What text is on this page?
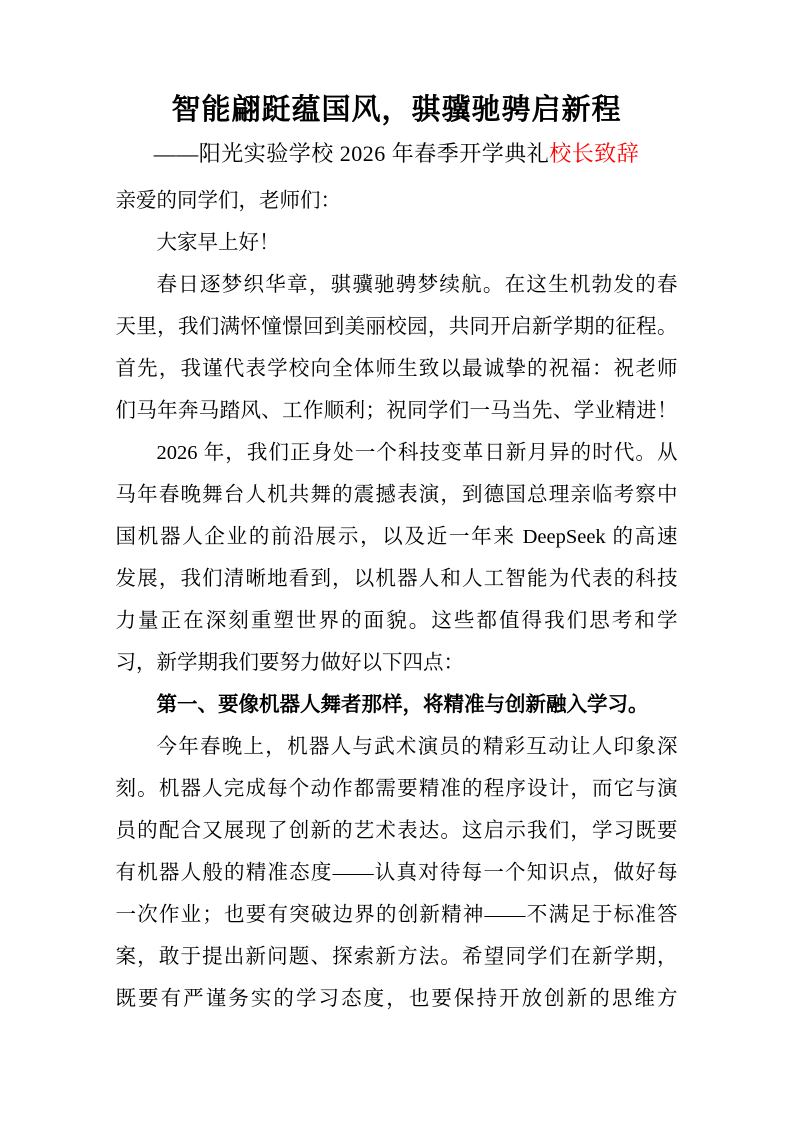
智能翩跹蕴国风，骐骥驰骋启新程
——阳光实验学校 2026 年春季开学典礼校长致辞
亲爱的同学们，老师们：
大家早上好！
春日逐梦织华章，骐骥驰骋梦续航。在这生机勃发的春
天里，我们满怀憧憬回到美丽校园，共同开启新学期的征程。
首先，我谨代表学校向全体师生致以最诚挚的祝福：祝老师
们马年奔马踏风、工作顺利；祝同学们一马当先、学业精进！
2026 年，我们正身处一个科技变革日新月异的时代。从
马年春晚舞台人机共舞的震撼表演，到德国总理亲临考察中
国机器人企业的前沿展示，以及近一年来 DeepSeek 的高速
发展，我们清晰地看到，以机器人和人工智能为代表的科技
力量正在深刻重塑世界的面貌。这些都值得我们思考和学
习，新学期我们要努力做好以下四点：
第一、要像机器人舞者那样，将精准与创新融入学习。
今年春晚上，机器人与武术演员的精彩互动让人印象深
刻。机器人完成每个动作都需要精准的程序设计，而它与演
员的配合又展现了创新的艺术表达。这启示我们，学习既要
有机器人般的精准态度——认真对待每一个知识点，做好每
一次作业；也要有突破边界的创新精神——不满足于标准答
案，敢于提出新问题、探索新方法。希望同学们在新学期，
既要有严谨务实的学习态度，也要保持开放创新的思维方
